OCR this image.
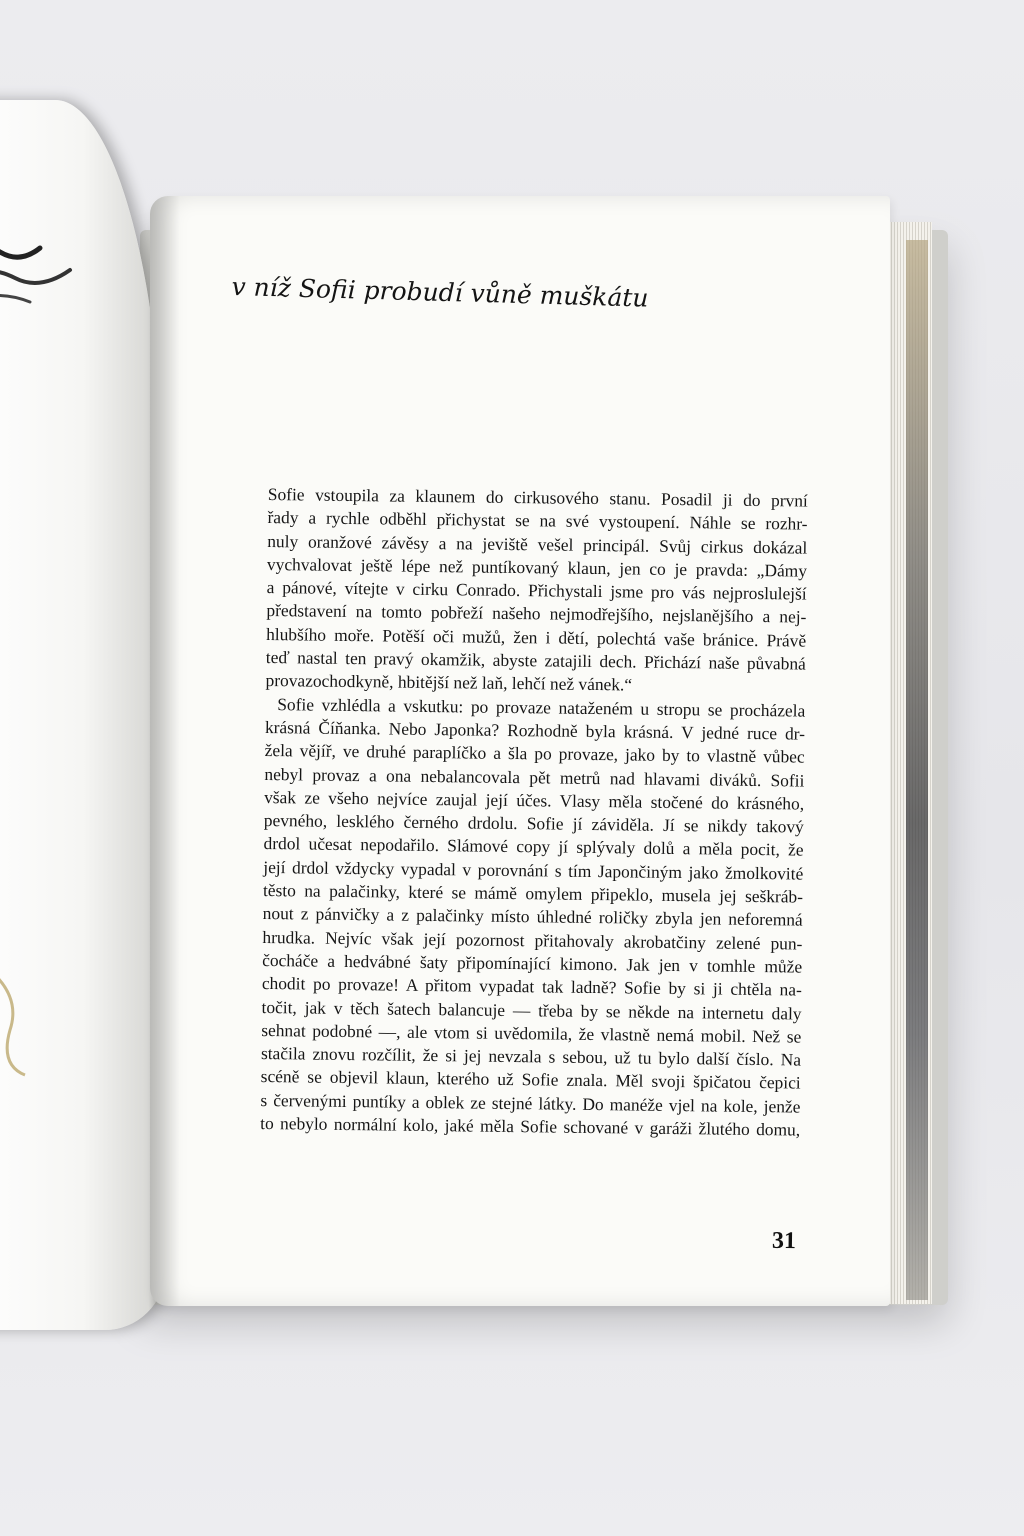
v níž Sofii probudí vůně muškátu
Sofie vstoupila za klaunem do cirkusového stanu. Posadil ji do první
řady a rychle odběhl přichystat se na své vystoupení. Náhle se rozhr-
nuly oranžové závěsy a na jeviště vešel principál. Svůj cirkus dokázal
vychvalovat ještě lépe než puntíkovaný klaun, jen co je pravda: „Dámy
a pánové, vítejte v cirku Conrado. Přichystali jsme pro vás nejproslulejší
představení na tomto pobřeží našeho nejmodřejšího, nejslanějšího a nej-
hlubšího moře. Potěší oči mužů, žen i dětí, polechtá vaše bránice. Právě
teď nastal ten pravý okamžik, abyste zatajili dech. Přichází naše půvabná
provazochodkyně, hbitější než laň, lehčí než vánek.“
Sofie vzhlédla a vskutku: po provaze nataženém u stropu se procházela
krásná Číňanka. Nebo Japonka? Rozhodně byla krásná. V jedné ruce dr-
žela vějíř, ve druhé paraplíčko a šla po provaze, jako by to vlastně vůbec
nebyl provaz a ona nebalancovala pět metrů nad hlavami diváků. Sofii
však ze všeho nejvíce zaujal její účes. Vlasy měla stočené do krásného,
pevného, lesklého černého drdolu. Sofie jí záviděla. Jí se nikdy takový
drdol učesat nepodařilo. Slámové copy jí splývaly dolů a měla pocit, že
její drdol vždycky vypadal v porovnání s tím Japončiným jako žmolkovité
těsto na palačinky, které se mámě omylem připeklo, musela jej seškráb-
nout z pánvičky a z palačinky místo úhledné roličky zbyla jen neforemná
hrudka. Nejvíc však její pozornost přitahovaly akrobatčiny zelené pun-
čocháče a hedvábné šaty připomínající kimono. Jak jen v tomhle může
chodit po provaze! A přitom vypadat tak ladně? Sofie by si ji chtěla na-
točit, jak v těch šatech balancuje — třeba by se někde na internetu daly
sehnat podobné —, ale vtom si uvědomila, že vlastně nemá mobil. Než se
stačila znovu rozčílit, že si jej nevzala s sebou, už tu bylo další číslo. Na
scéně se objevil klaun, kterého už Sofie znala. Měl svoji špičatou čepici
s červenými puntíky a oblek ze stejné látky. Do manéže vjel na kole, jenže
to nebylo normální kolo, jaké měla Sofie schované v garáži žlutého domu,
31
